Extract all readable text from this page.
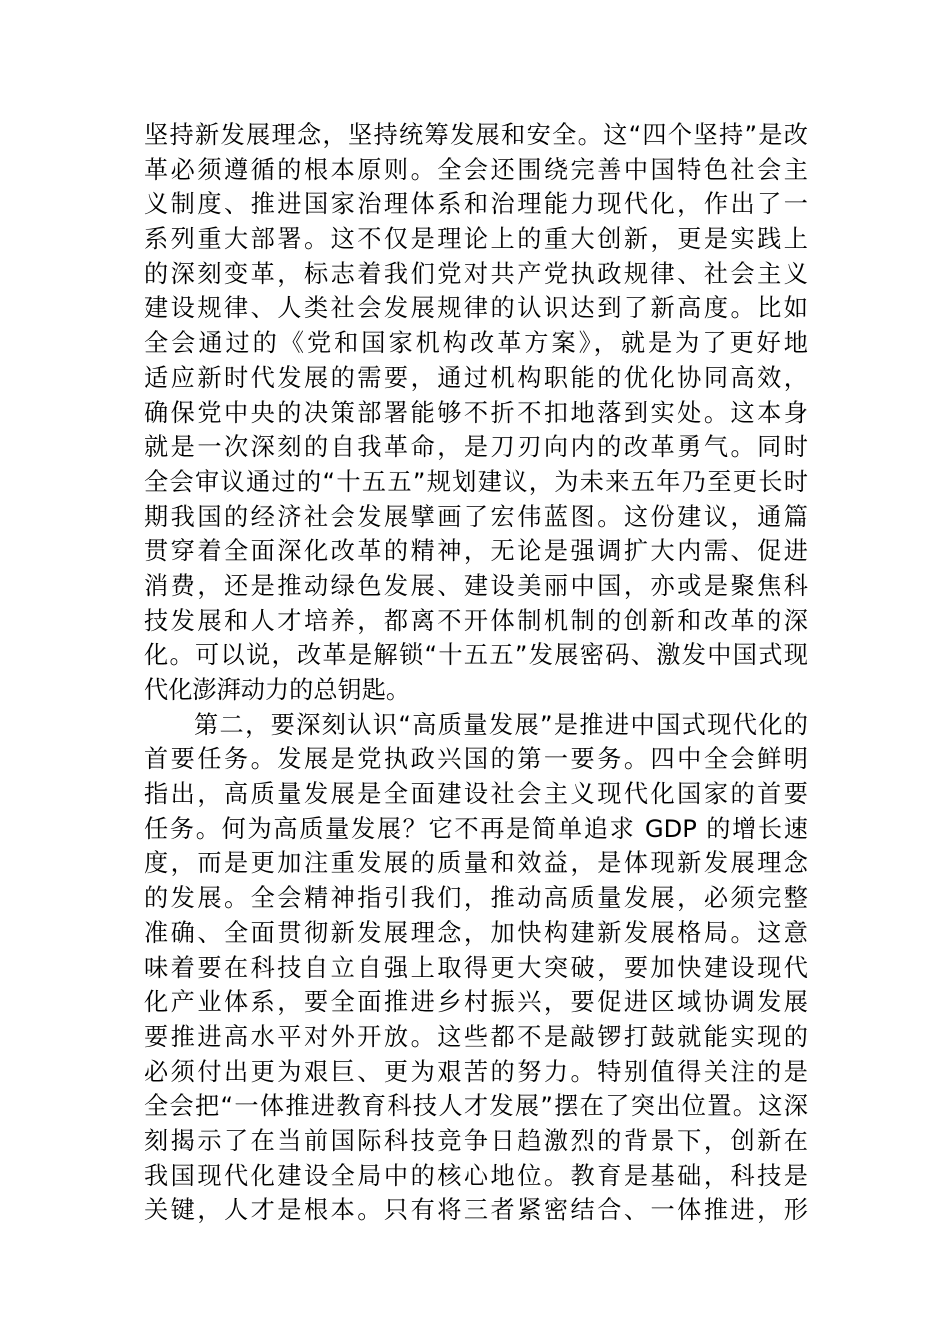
坚持新发展理念，坚持统筹发展和安全。这“四个坚持”是改
革必须遵循的根本原则。全会还围绕完善中国特色社会主
义制度、推进国家治理体系和治理能力现代化，作出了一
系列重大部署。这不仅是理论上的重大创新，更是实践上
的深刻变革，标志着我们党对共产党执政规律、社会主义
建设规律、人类社会发展规律的认识达到了新高度。比如
全会通过的《党和国家机构改革方案》，就是为了更好地
适应新时代发展的需要，通过机构职能的优化协同高效，
确保党中央的决策部署能够不折不扣地落到实处。这本身
就是一次深刻的自我革命，是刀刃向内的改革勇气。同时
全会审议通过的“十五五”规划建议，为未来五年乃至更长时
期我国的经济社会发展擘画了宏伟蓝图。这份建议，通篇
贯穿着全面深化改革的精神，无论是强调扩大内需、促进
消费，还是推动绿色发展、建设美丽中国，亦或是聚焦科
技发展和人才培养，都离不开体制机制的创新和改革的深
化。可以说，改革是解锁“十五五”发展密码、激发中国式现
代化澎湃动力的总钥匙。
第二，要深刻认识“高质量发展”是推进中国式现代化的
首要任务。发展是党执政兴国的第一要务。四中全会鲜明
指出，高质量发展是全面建设社会主义现代化国家的首要
任务。何为高质量发展？它不再是简单追求 GDP 的增长速
度，而是更加注重发展的质量和效益，是体现新发展理念
的发展。全会精神指引我们，推动高质量发展，必须完整
准确、全面贯彻新发展理念，加快构建新发展格局。这意
味着要在科技自立自强上取得更大突破，要加快建设现代
化产业体系，要全面推进乡村振兴，要促进区域协调发展
要推进高水平对外开放。这些都不是敲锣打鼓就能实现的
必须付出更为艰巨、更为艰苦的努力。特别值得关注的是
全会把“一体推进教育科技人才发展”摆在了突出位置。这深
刻揭示了在当前国际科技竞争日趋激烈的背景下，创新在
我国现代化建设全局中的核心地位。教育是基础，科技是
关键，人才是根本。只有将三者紧密结合、一体推进，形
